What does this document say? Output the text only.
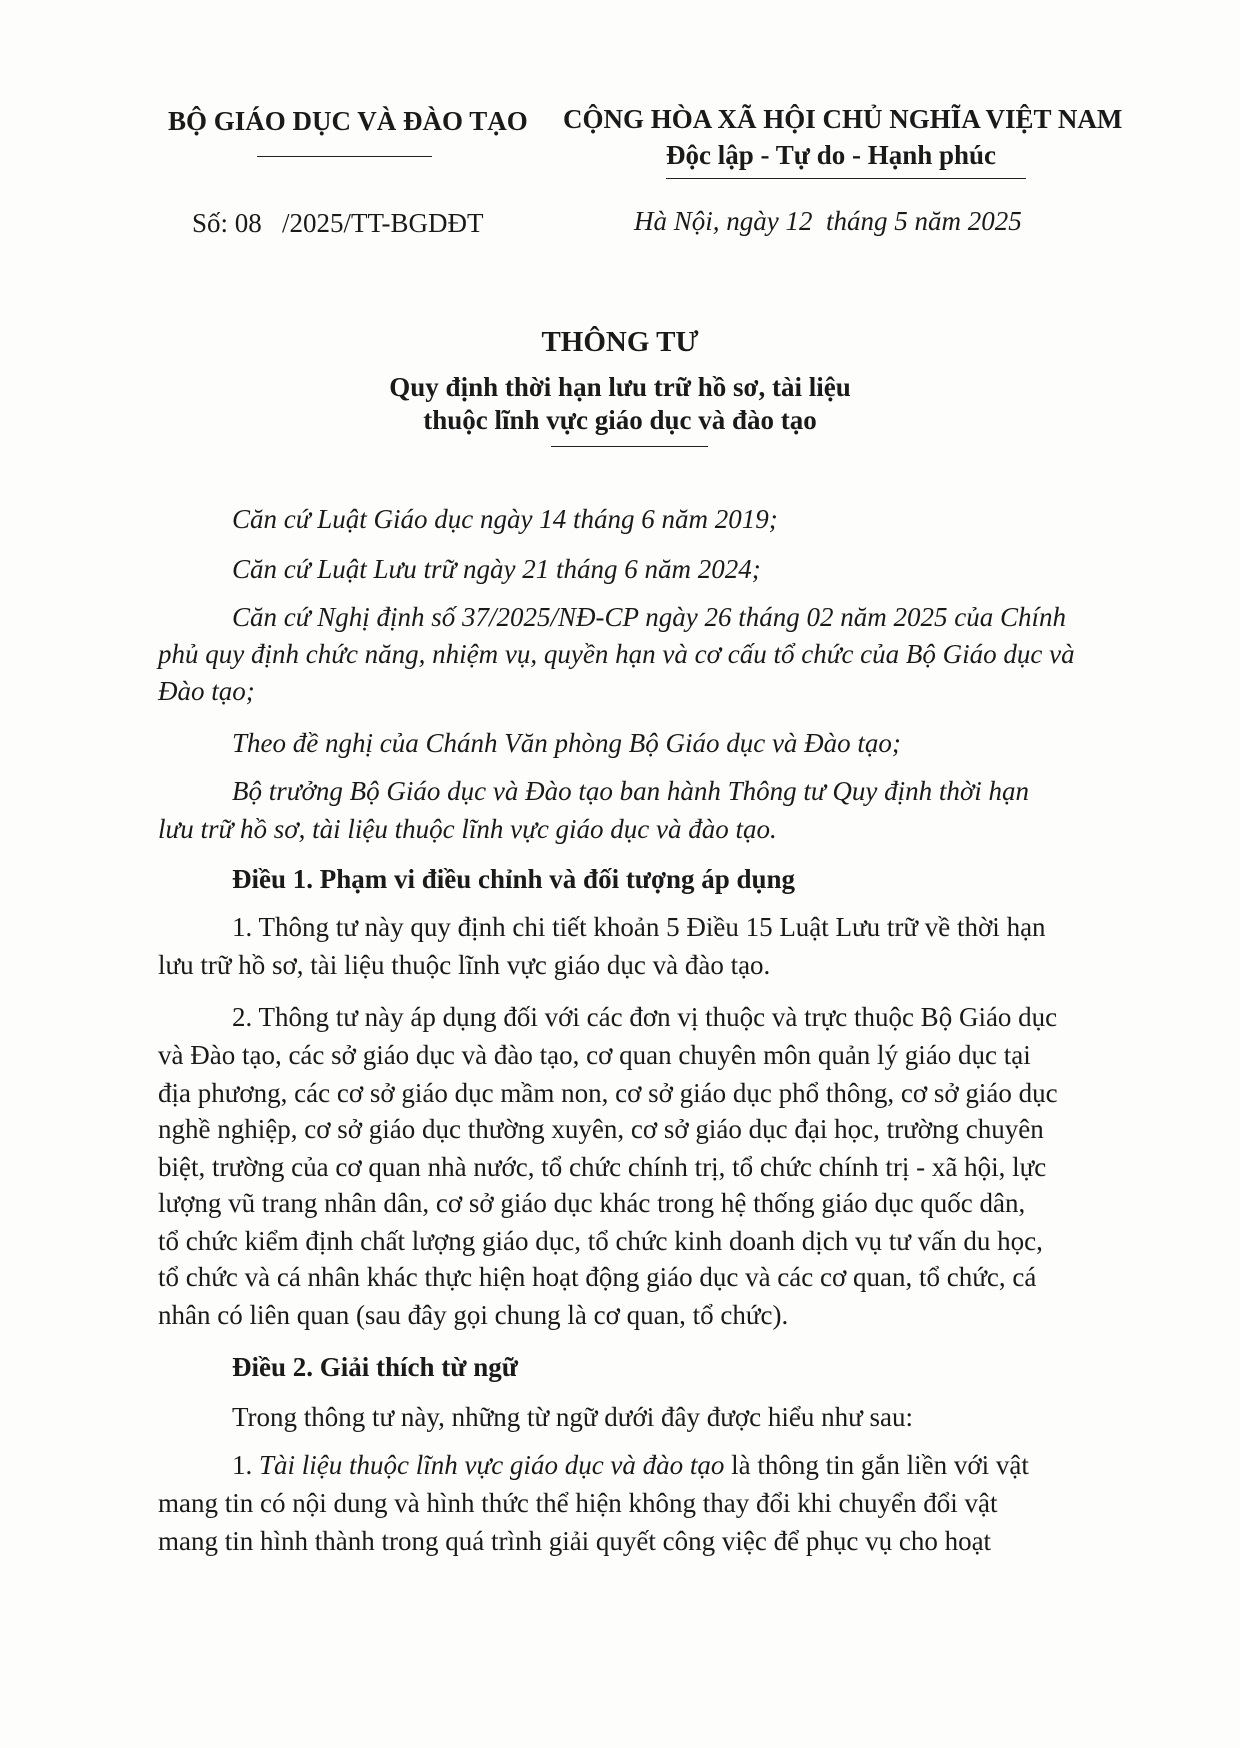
BỘ GIÁO DỤC VÀ ĐÀO TẠO CỘNG HÒA XÃ HỘI CHỦ NGHĨA VIỆT NAM
Độc lập - Tự do - Hạnh phúc
Số: 08   /2025/TT-BGDĐT	Hà Nội, ngày 12  tháng 5 năm 2025
THÔNG TƯ
Quy định thời hạn lưu trữ hồ sơ, tài liệu
thuộc lĩnh vực giáo dục và đào tạo
Căn cứ Luật Giáo dục ngày 14 tháng 6 năm 2019;
Căn cứ Luật Lưu trữ ngày 21 tháng 6 năm 2024;
Căn cứ Nghị định số 37/2025/NĐ-CP ngày 26 tháng 02 năm 2025 của Chính
phủ quy định chức năng, nhiệm vụ, quyền hạn và cơ cấu tổ chức của Bộ Giáo dục và
Đào tạo;
Theo đề nghị của Chánh Văn phòng Bộ Giáo dục và Đào tạo;
Bộ trưởng Bộ Giáo dục và Đào tạo ban hành Thông tư Quy định thời hạn
lưu trữ hồ sơ, tài liệu thuộc lĩnh vực giáo dục và đào tạo.
Điều 1. Phạm vi điều chỉnh và đối tượng áp dụng
1. Thông tư này quy định chi tiết khoản 5 Điều 15 Luật Lưu trữ về thời hạn
lưu trữ hồ sơ, tài liệu thuộc lĩnh vực giáo dục và đào tạo.
2. Thông tư này áp dụng đối với các đơn vị thuộc và trực thuộc Bộ Giáo dục
và Đào tạo, các sở giáo dục và đào tạo, cơ quan chuyên môn quản lý giáo dục tại
địa phương, các cơ sở giáo dục mầm non, cơ sở giáo dục phổ thông, cơ sở giáo dục
nghề nghiệp, cơ sở giáo dục thường xuyên, cơ sở giáo dục đại học, trường chuyên
biệt, trường của cơ quan nhà nước, tổ chức chính trị, tổ chức chính trị - xã hội, lực
lượng vũ trang nhân dân, cơ sở giáo dục khác trong hệ thống giáo dục quốc dân,
tổ chức kiểm định chất lượng giáo dục, tổ chức kinh doanh dịch vụ tư vấn du học,
tổ chức và cá nhân khác thực hiện hoạt động giáo dục và các cơ quan, tổ chức, cá
nhân có liên quan (sau đây gọi chung là cơ quan, tổ chức).
Điều 2. Giải thích từ ngữ
Trong thông tư này, những từ ngữ dưới đây được hiểu như sau:
1. Tài liệu thuộc lĩnh vực giáo dục và đào tạo là thông tin gắn liền với vật
mang tin có nội dung và hình thức thể hiện không thay đổi khi chuyển đổi vật
mang tin hình thành trong quá trình giải quyết công việc để phục vụ cho hoạt
